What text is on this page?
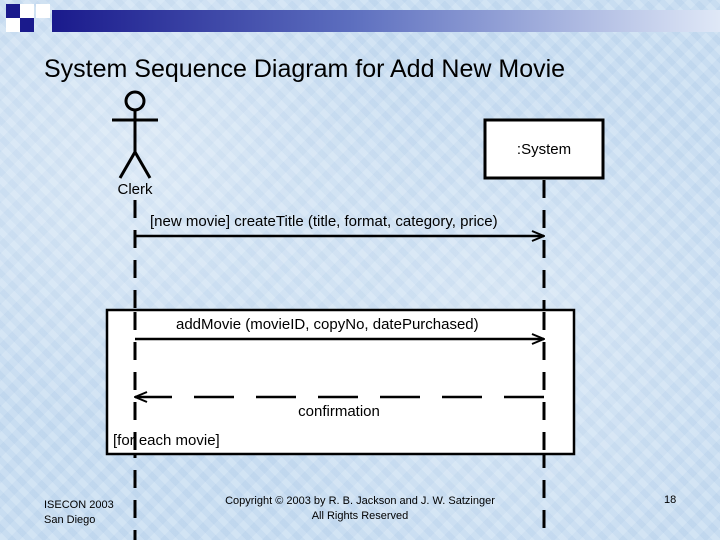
System Sequence Diagram for Add New Movie
Clerk
:System
[new movie] createTitle (title, format, category, price)
addMovie (movieID, copyNo, datePurchased)
confirmation
[for each movie]
ISECON 2003
San Diego
Copyright © 2003 by R. B. Jackson and J. W. Satzinger
All Rights Reserved
18
